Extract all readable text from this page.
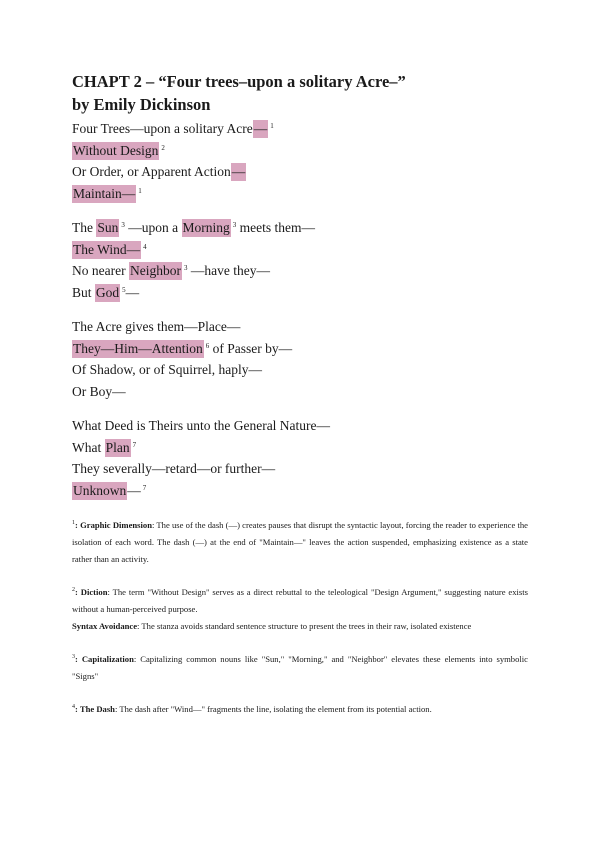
CHAPT 2 – “Four trees–upon a solitary Acre–”
by Emily Dickinson
Four Trees—upon a solitary Acre— $^1$
Without Design $^2$
Or Order, or Apparent Action—
Maintain— $^1$
The Sun $^3$ —upon a Morning $^3$ meets them—
The Wind— $^4$
No nearer Neighbor $^3$ —have they—
But God $^5$—
The Acre gives them—Place—
They—Him—Attention $^6$ of Passer by—
Of Shadow, or of Squirrel, haply—
Or Boy—
What Deed is Theirs unto the General Nature—
What Plan $^7$
They severally—retard—or further—
Unknown— $^7$

$^1$: Graphic Dimension: The use of the dash (—) creates pauses that disrupt the syntactic layout, forcing the reader to experience the isolation of each word. The dash (—) at the end of "Maintain—" leaves the action suspended, emphasizing existence as a state rather than an activity.

$^2$: Diction: The term "Without Design" serves as a direct rebuttal to the teleological "Design Argument," suggesting nature exists without a human-perceived purpose.
Syntax Avoidance: The stanza avoids standard sentence structure to present the trees in their raw, isolated existence

$^3$: Capitalization: Capitalizing common nouns like "Sun," "Morning," and "Neighbor" elevates these elements into symbolic "Signs"

$^4$: The Dash: The dash after "Wind—" fragments the line, isolating the element from its potential action.
